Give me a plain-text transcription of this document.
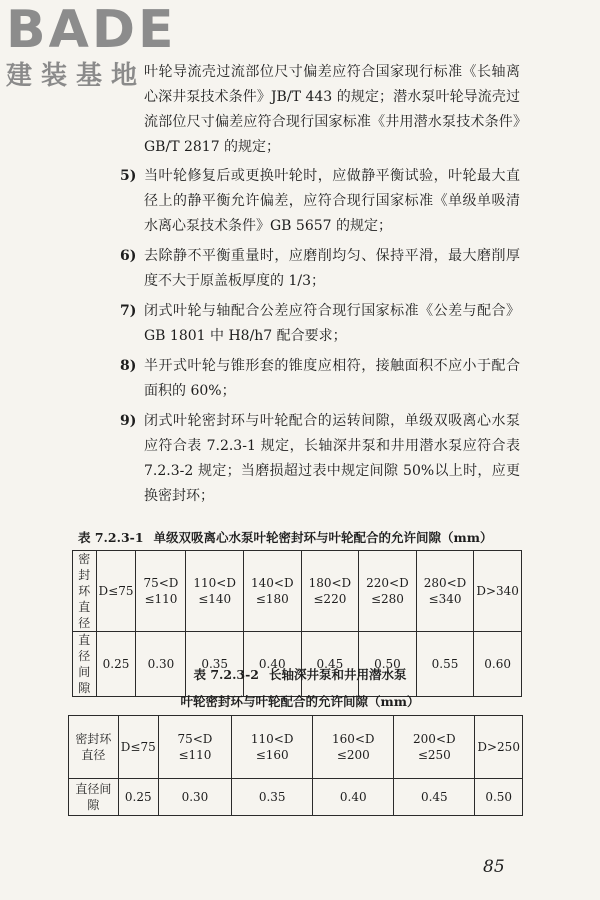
BADE
建装基地

叶轮导流壳过流部位尺寸偏差应符合国家现行标准《长轴离心深井泵技术条件》JB/T 443 的规定；潜水泵叶轮导流壳过流部位尺寸偏差应符合现行国家标准《井用潜水泵技术条件》GB/T 2817 的规定；

5) 当叶轮修复后或更换叶轮时，应做静平衡试验，叶轮最大直径上的静平衡允许偏差，应符合现行国家标准《单级单吸清水离心泵技术条件》GB 5657 的规定；
6) 去除静不平衡重量时，应磨削均匀、保持平滑，最大磨削厚度不大于原盖板厚度的 1/3；
7) 闭式叶轮与轴配合公差应符合现行国家标准《公差与配合》GB 1801 中 H8/h7 配合要求；
8) 半开式叶轮与锥形套的锥度应相符，接触面积不应小于配合面积的 60%；
9) 闭式叶轮密封环与叶轮配合的运转间隙，单级双吸离心水泵应符合表 7.2.3-1 规定，长轴深井泵和井用潜水泵应符合表 7.2.3-2 规定；当磨损超过表中规定间隙 50%以上时，应更换密封环；
表 7.2.3-1 单级双吸离心水泵叶轮密封环与叶轮配合的允许间隙（mm）
密封环
直径	D≤75	75<D ≤110	110<D ≤140	140<D ≤180	180<D ≤220	220<D ≤280	280<D ≤340	D>340
直径
间隙	0.25	0.30	0.35	0.40	0.45	0.50	0.55	0.60
表 7.2.3-2 长轴深井泵和井用潜水泵
叶轮密封环与叶轮配合的允许间隙（mm）
密封环
直径	D≤75	75<D ≤110	110<D ≤160	160<D ≤200	200<D ≤250	D>250
直径间隙	0.25	0.30	0.35	0.40	0.45	0.50
85
